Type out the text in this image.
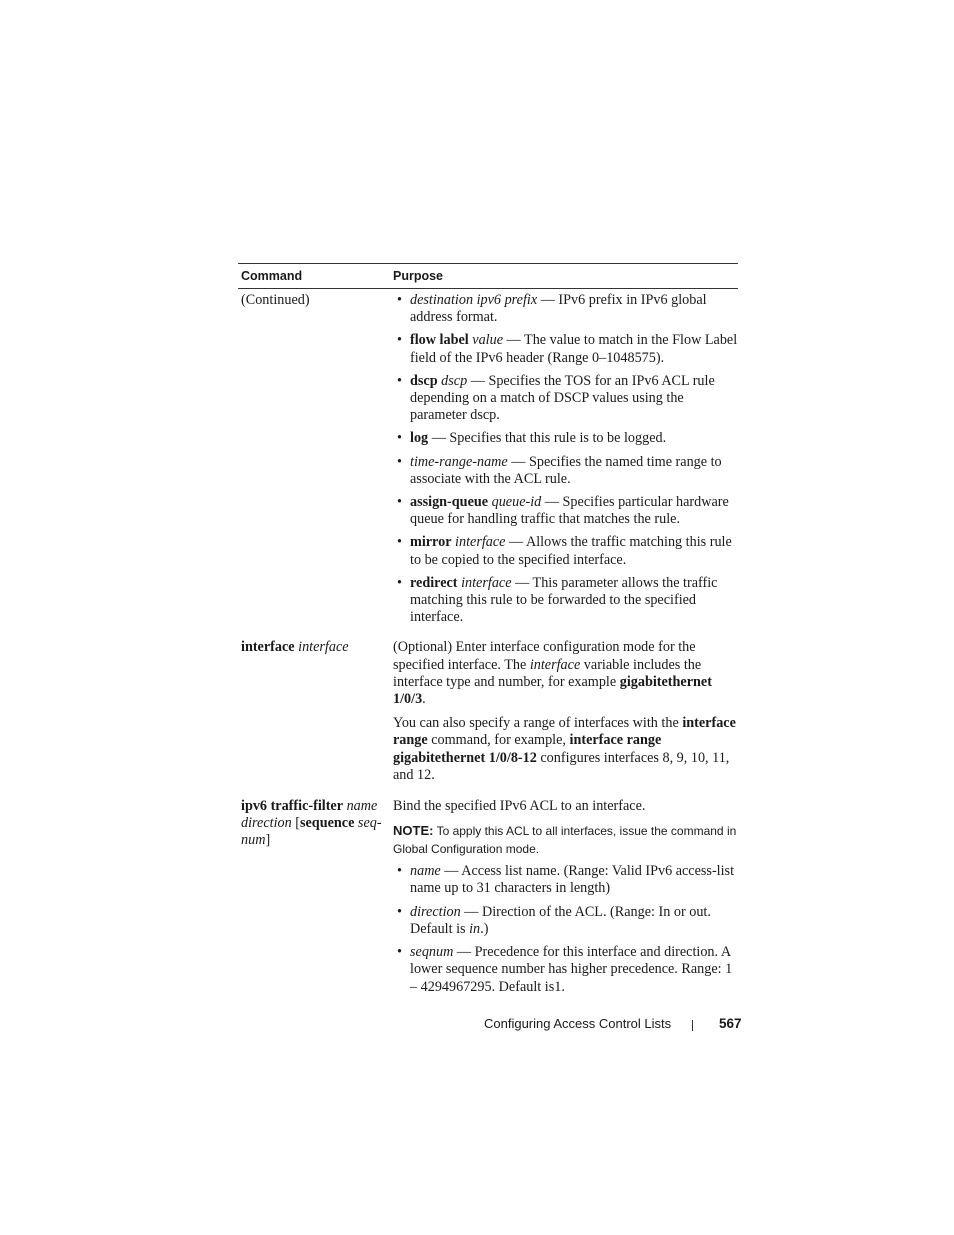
Command	Purpose
(Continued)
•	destination ipv6 prefix — IPv6 prefix in IPv6 global address format.
• flow label value — The value to match in the Flow Label field of the IPv6 header (Range 0–1048575).
• dscp dscp — Specifies the TOS for an IPv6 ACL rule depending on a match of DSCP values using the parameter dscp.
• log — Specifies that this rule is to be logged.
• time-range-name — Specifies the named time range to associate with the ACL rule.
• assign-queue queue-id — Specifies particular hardware queue for handling traffic that matches the rule.
• mirror interface — Allows the traffic matching this rule to be copied to the specified interface.
• redirect interface — This parameter allows the traffic matching this rule to be forwarded to the specified interface.
interface interface	(Optional) Enter interface configuration mode for the specified interface. The interface variable includes the interface type and number, for example gigabitethernet 1/0/3.

You can also specify a range of interfaces with the interface range command, for example, interface range gigabitethernet 1/0/8-12 configures interfaces 8, 9, 10, 11, and 12.

ipv6 traffic-filter name direction [sequence seq-num]

Bind the specified IPv6 ACL to an interface.

NOTE: To apply this ACL to all interfaces, issue the command in Global Configuration mode.

• name — Access list name. (Range: Valid IPv6 access-list name up to 31 characters in length)
• direction — Direction of the ACL. (Range: In or out. Default is in.)
• seqnum — Precedence for this interface and direction. A lower sequence number has higher precedence. Range: 1 – 4294967295. Default is1.
Configuring Access Control Lists	567
